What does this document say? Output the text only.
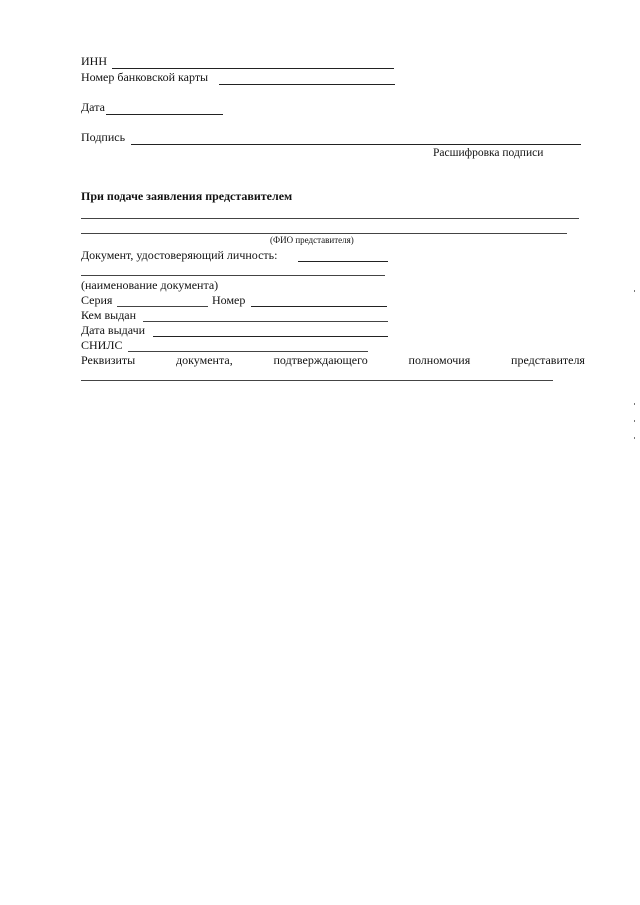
ИНН
Номер банковской карты
Дата
Подпись
Расшифровка подписи
При подаче заявления представителем
(ФИО представителя)
Документ, удостоверяющий личность:
(наименование документа)
Серия	Номер
Кем выдан
Дата выдачи
СНИЛС
Реквизиты	документа,	подтверждающего	полномочия	представителя
